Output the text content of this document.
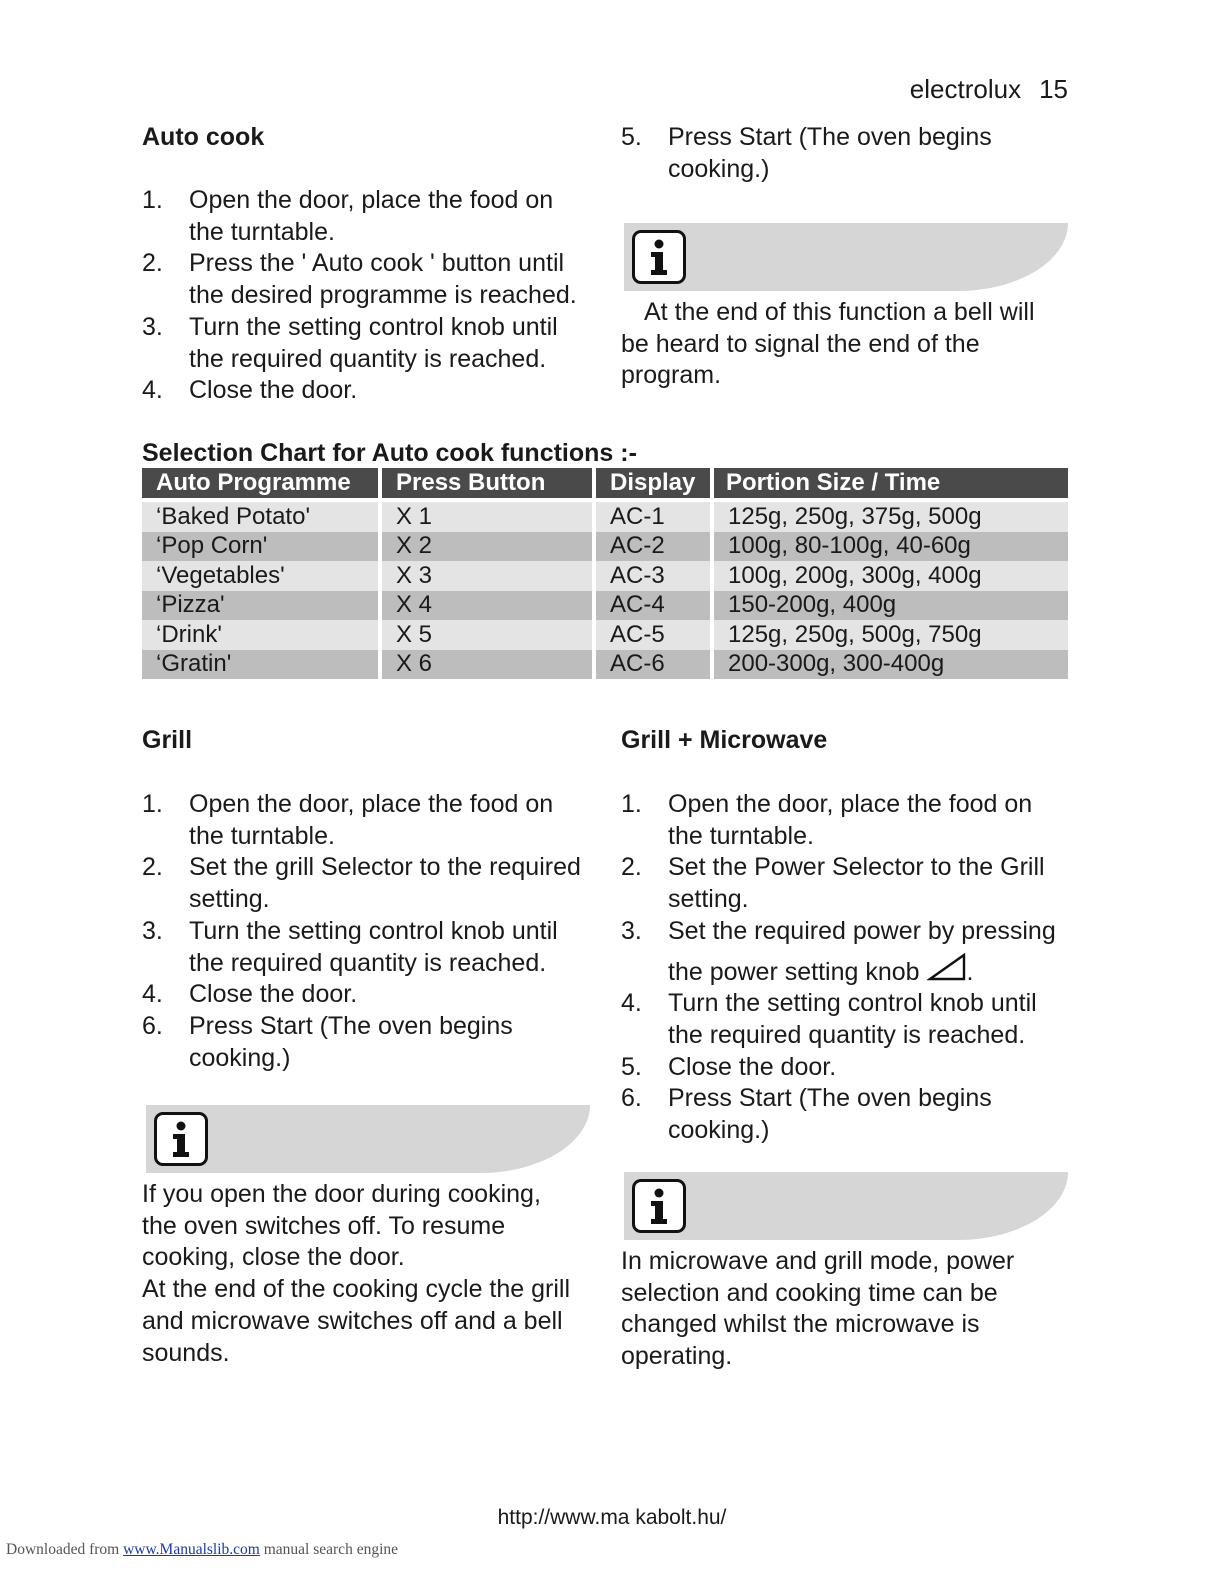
electrolux 15
Auto cook
1. Open the door, place the food on
the turntable.
2. Press the ' Auto cook ' button until
the desired programme is reached.
3. Turn the setting control knob until
the required quantity is reached.
4. Close the door.
5. Press Start (The oven begins
cooking.)
At the end of this function a bell will
be heard to signal the end of the
program.
Selection Chart for Auto cook functions :-
Auto Programme	Press Button	Display	Portion Size / Time

‘Baked Potato'	X 1	AC-1	125g, 250g, 375g, 500g
‘Pop Corn'	X 2	AC-2	100g, 80-100g, 40-60g
‘Vegetables'	X 3	AC-3	100g, 200g, 300g, 400g
‘Pizza'	X 4	AC-4	150-200g, 400g
‘Drink'	X 5	AC-5	125g, 250g, 500g, 750g
‘Gratin'	X 6	AC-6	200-300g, 300-400g
Grill
1. Open the door, place the food on
the turntable.
2. Set the grill Selector to the required
setting.
3. Turn the setting control knob until
the required quantity is reached.
4. Close the door.
6. Press Start (The oven begins
cooking.)
If you open the door during cooking,
the oven switches off. To resume
cooking, close the door.
At the end of the cooking cycle the grill
and microwave switches off and a bell
sounds.
Grill + Microwave
1. Open the door, place the food on
the turntable.
2. Set the Power Selector to the Grill
setting.
3. Set the required power by pressing
the power setting knob .
4. Turn the setting control knob until
the required quantity is reached.
5. Close the door.
6. Press Start (The oven begins
cooking.)
In microwave and grill mode, power
selection and cooking time can be
changed whilst the microwave is
operating.
http://www.ma kabolt.hu/
Downloaded from www.Manualslib.com manual search engine
